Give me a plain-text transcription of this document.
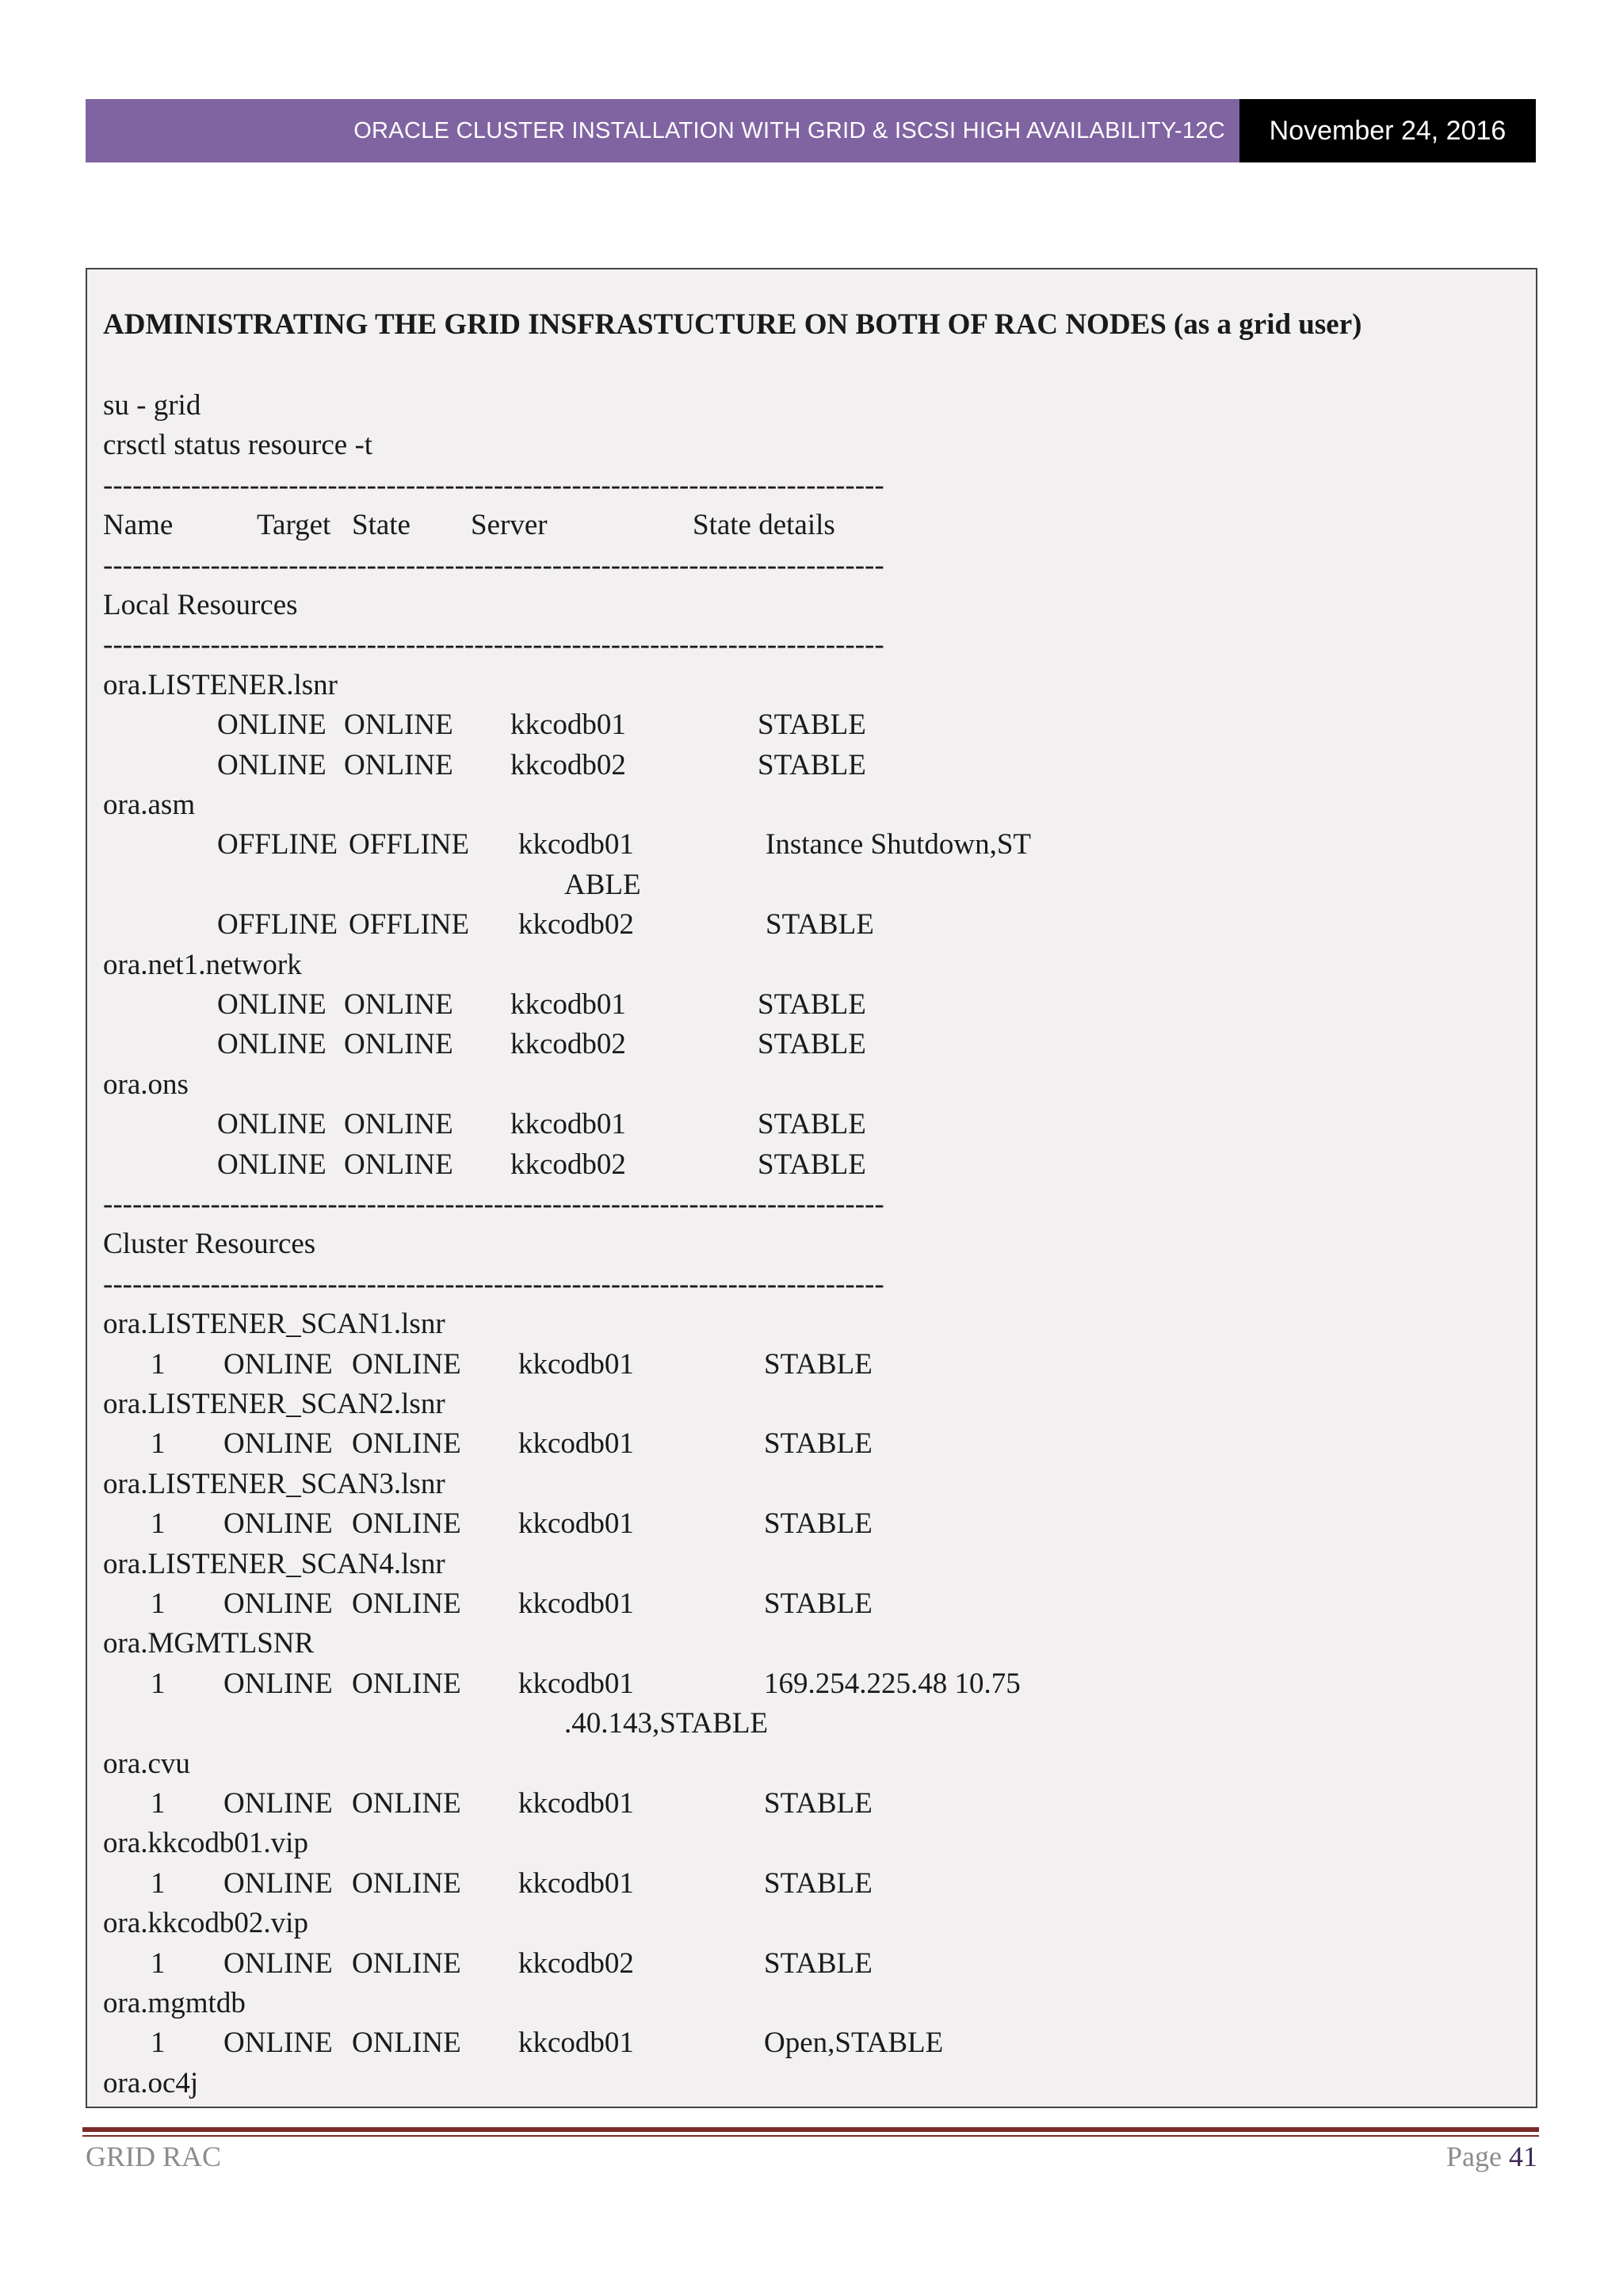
ORACLE CLUSTER INSTALLATION WITH GRID & ISCSI HIGH AVAILABILITY-12C	November 24, 2016
ADMINISTRATING THE GRID INSFRASTUCTURE ON BOTH OF RAC NODES (as a grid user)
su - grid
crsctl status resource -t
--------------------------------------------------------------------------------
Name	Target State Server	State details
--------------------------------------------------------------------------------
Local Resources
--------------------------------------------------------------------------------
ora.LISTENER.lsnr
ONLINE ONLINE kkcodb01	STABLE
ONLINE ONLINE kkcodb02	STABLE
ora.asm
OFFLINE OFFLINE kkcodb01	Instance Shutdown,ST
ABLE
OFFLINE OFFLINE kkcodb02	STABLE
ora.net1.network
ONLINE ONLINE kkcodb01	STABLE
ONLINE ONLINE kkcodb02	STABLE
ora.ons
ONLINE ONLINE kkcodb01	STABLE
ONLINE ONLINE kkcodb02	STABLE
--------------------------------------------------------------------------------
Cluster Resources
--------------------------------------------------------------------------------
ora.LISTENER_SCAN1.lsnr
1 ONLINE ONLINE kkcodb01	STABLE
ora.LISTENER_SCAN2.lsnr
1 ONLINE ONLINE kkcodb01	STABLE
ora.LISTENER_SCAN3.lsnr
1 ONLINE ONLINE kkcodb01	STABLE
ora.LISTENER_SCAN4.lsnr
1 ONLINE ONLINE kkcodb01	STABLE
ora.MGMTLSNR
1 ONLINE ONLINE kkcodb01	169.254.225.48 10.75
.40.143,STABLE
ora.cvu
1 ONLINE ONLINE kkcodb01	STABLE
ora.kkcodb01.vip
1 ONLINE ONLINE kkcodb01	STABLE
ora.kkcodb02.vip
1 ONLINE ONLINE kkcodb02	STABLE
ora.mgmtdb
1 ONLINE ONLINE kkcodb01	Open,STABLE
ora.oc4j
GRID RAC	Page 41
